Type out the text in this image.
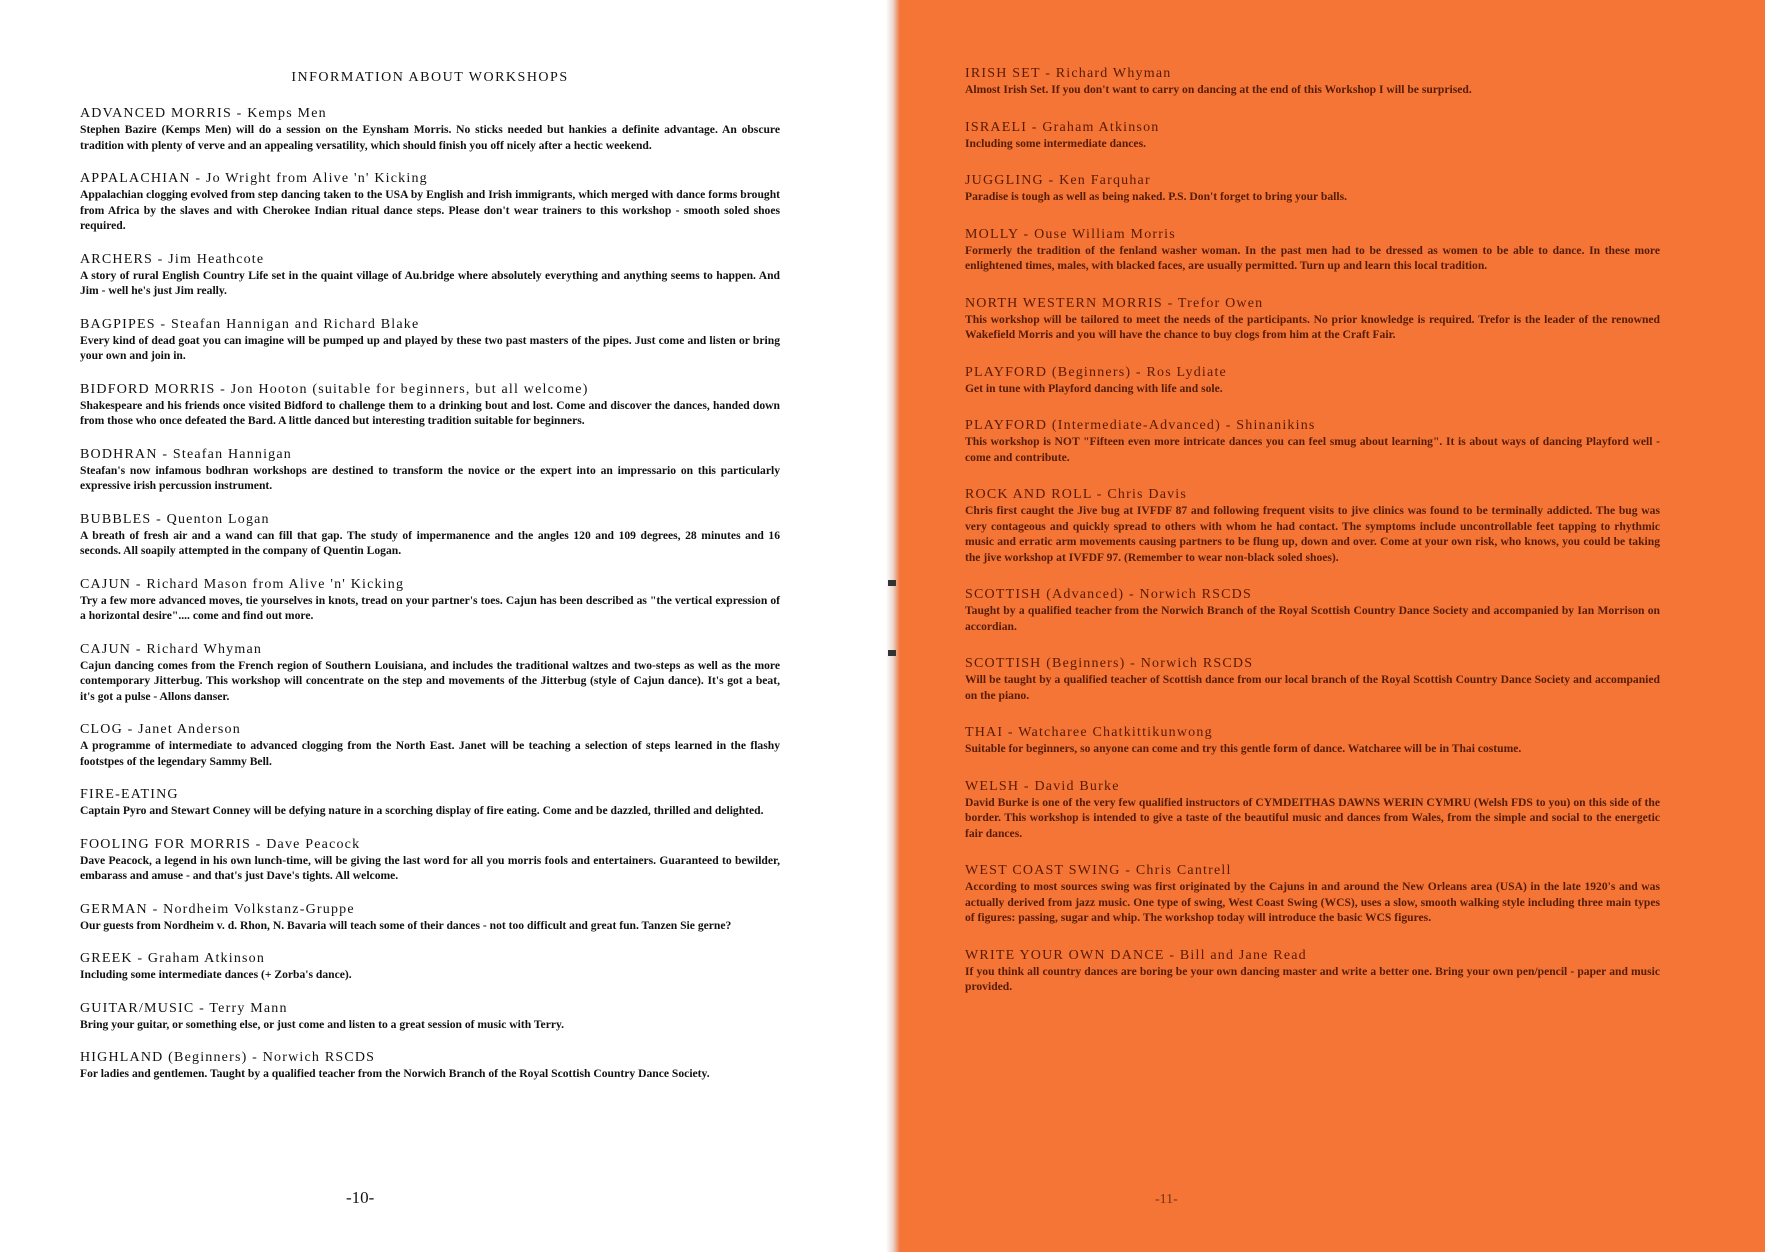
INFORMATION ABOUT WORKSHOPS
ADVANCED MORRIS - Kemps Men
Stephen Bazire (Kemps Men) will do a session on the Eynsham Morris. No sticks needed but hankies a definite advantage. An obscure tradition with plenty of verve and an appealing versatility, which should finish you off nicely after a hectic weekend.
APPALACHIAN - Jo Wright from Alive 'n' Kicking
Appalachian clogging evolved from step dancing taken to the USA by English and Irish immigrants, which merged with dance forms brought from Africa by the slaves and with Cherokee Indian ritual dance steps. Please don't wear trainers to this workshop - smooth soled shoes required.
ARCHERS - Jim Heathcote
A story of rural English Country Life set in the quaint village of Au.bridge where absolutely everything and anything seems to happen. And Jim - well he's just Jim really.
BAGPIPES - Steafan Hannigan and Richard Blake
Every kind of dead goat you can imagine will be pumped up and played by these two past masters of the pipes. Just come and listen or bring your own and join in.
BIDFORD MORRIS - Jon Hooton (suitable for beginners, but all welcome)
Shakespeare and his friends once visited Bidford to challenge them to a drinking bout and lost. Come and discover the dances, handed down from those who once defeated the Bard. A little danced but interesting tradition suitable for beginners.
BODHRAN - Steafan Hannigan
Steafan's now infamous bodhran workshops are destined to transform the novice or the expert into an impressario on this particularly expressive irish percussion instrument.
BUBBLES - Quenton Logan
A breath of fresh air and a wand can fill that gap. The study of impermanence and the angles 120 and 109 degrees, 28 minutes and 16 seconds. All soapily attempted in the company of Quentin Logan.
CAJUN - Richard Mason from Alive 'n' Kicking
Try a few more advanced moves, tie yourselves in knots, tread on your partner's toes. Cajun has been described as "the vertical expression of a horizontal desire".... come and find out more.
CAJUN - Richard Whyman
Cajun dancing comes from the French region of Southern Louisiana, and includes the traditional waltzes and two-steps as well as the more contemporary Jitterbug. This workshop will concentrate on the step and movements of the Jitterbug (style of Cajun dance). It's got a beat, it's got a pulse - Allons danser.
CLOG - Janet Anderson
A programme of intermediate to advanced clogging from the North East. Janet will be teaching a selection of steps learned in the flashy footstpes of the legendary Sammy Bell.
FIRE-EATING
Captain Pyro and Stewart Conney will be defying nature in a scorching display of fire eating. Come and be dazzled, thrilled and delighted.
FOOLING FOR MORRIS - Dave Peacock
Dave Peacock, a legend in his own lunch-time, will be giving the last word for all you morris fools and entertainers. Guaranteed to bewilder, embarass and amuse - and that's just Dave's tights. All welcome.
GERMAN - Nordheim Volkstanz-Gruppe
Our guests from Nordheim v. d. Rhon, N. Bavaria will teach some of their dances - not too difficult and great fun. Tanzen Sie gerne?
GREEK - Graham Atkinson
Including some intermediate dances (+ Zorba's dance).
GUITAR/MUSIC - Terry Mann
Bring your guitar, or something else, or just come and listen to a great session of music with Terry.
HIGHLAND (Beginners) - Norwich RSCDS
For ladies and gentlemen. Taught by a qualified teacher from the Norwich Branch of the Royal Scottish Country Dance Society.
-10-
IRISH SET - Richard Whyman
Almost Irish Set. If you don't want to carry on dancing at the end of this Workshop I will be surprised.
ISRAELI - Graham Atkinson
Including some intermediate dances.
JUGGLING - Ken Farquhar
Paradise is tough as well as being naked. P.S. Don't forget to bring your balls.
MOLLY - Ouse William Morris
Formerly the tradition of the fenland washer woman. In the past men had to be dressed as women to be able to dance. In these more enlightened times, males, with blacked faces, are usually permitted. Turn up and learn this local tradition.
NORTH WESTERN MORRIS - Trefor Owen
This workshop will be tailored to meet the needs of the participants. No prior knowledge is required. Trefor is the leader of the renowned Wakefield Morris and you will have the chance to buy clogs from him at the Craft Fair.
PLAYFORD (Beginners) - Ros Lydiate
Get in tune with Playford dancing with life and sole.
PLAYFORD (Intermediate-Advanced) - Shinanikins
This workshop is NOT "Fifteen even more intricate dances you can feel smug about learning". It is about ways of dancing Playford well - come and contribute.
ROCK AND ROLL - Chris Davis
Chris first caught the Jive bug at IVFDF 87 and following frequent visits to jive clinics was found to be terminally addicted. The bug was very contageous and quickly spread to others with whom he had contact. The symptoms include uncontrollable feet tapping to rhythmic music and erratic arm movements causing partners to be flung up, down and over. Come at your own risk, who knows, you could be taking the jive workshop at IVFDF 97. (Remember to wear non-black soled shoes).
SCOTTISH (Advanced) - Norwich RSCDS
Taught by a qualified teacher from the Norwich Branch of the Royal Scottish Country Dance Society and accompanied by Ian Morrison on accordian.
SCOTTISH (Beginners) - Norwich RSCDS
Will be taught by a qualified teacher of Scottish dance from our local branch of the Royal Scottish Country Dance Society and accompanied on the piano.
THAI - Watcharee Chatkittikunwong
Suitable for beginners, so anyone can come and try this gentle form of dance. Watcharee will be in Thai costume.
WELSH - David Burke
David Burke is one of the very few qualified instructors of CYMDEITHAS DAWNS WERIN CYMRU (Welsh FDS to you) on this side of the border. This workshop is intended to give a taste of the beautiful music and dances from Wales, from the simple and social to the energetic fair dances.
WEST COAST SWING - Chris Cantrell
According to most sources swing was first originated by the Cajuns in and around the New Orleans area (USA) in the late 1920's and was actually derived from jazz music. One type of swing, West Coast Swing (WCS), uses a slow, smooth walking style including three main types of figures: passing, sugar and whip. The workshop today will introduce the basic WCS figures.
WRITE YOUR OWN DANCE - Bill and Jane Read
If you think all country dances are boring be your own dancing master and write a better one. Bring your own pen/pencil - paper and music provided.
-11-
